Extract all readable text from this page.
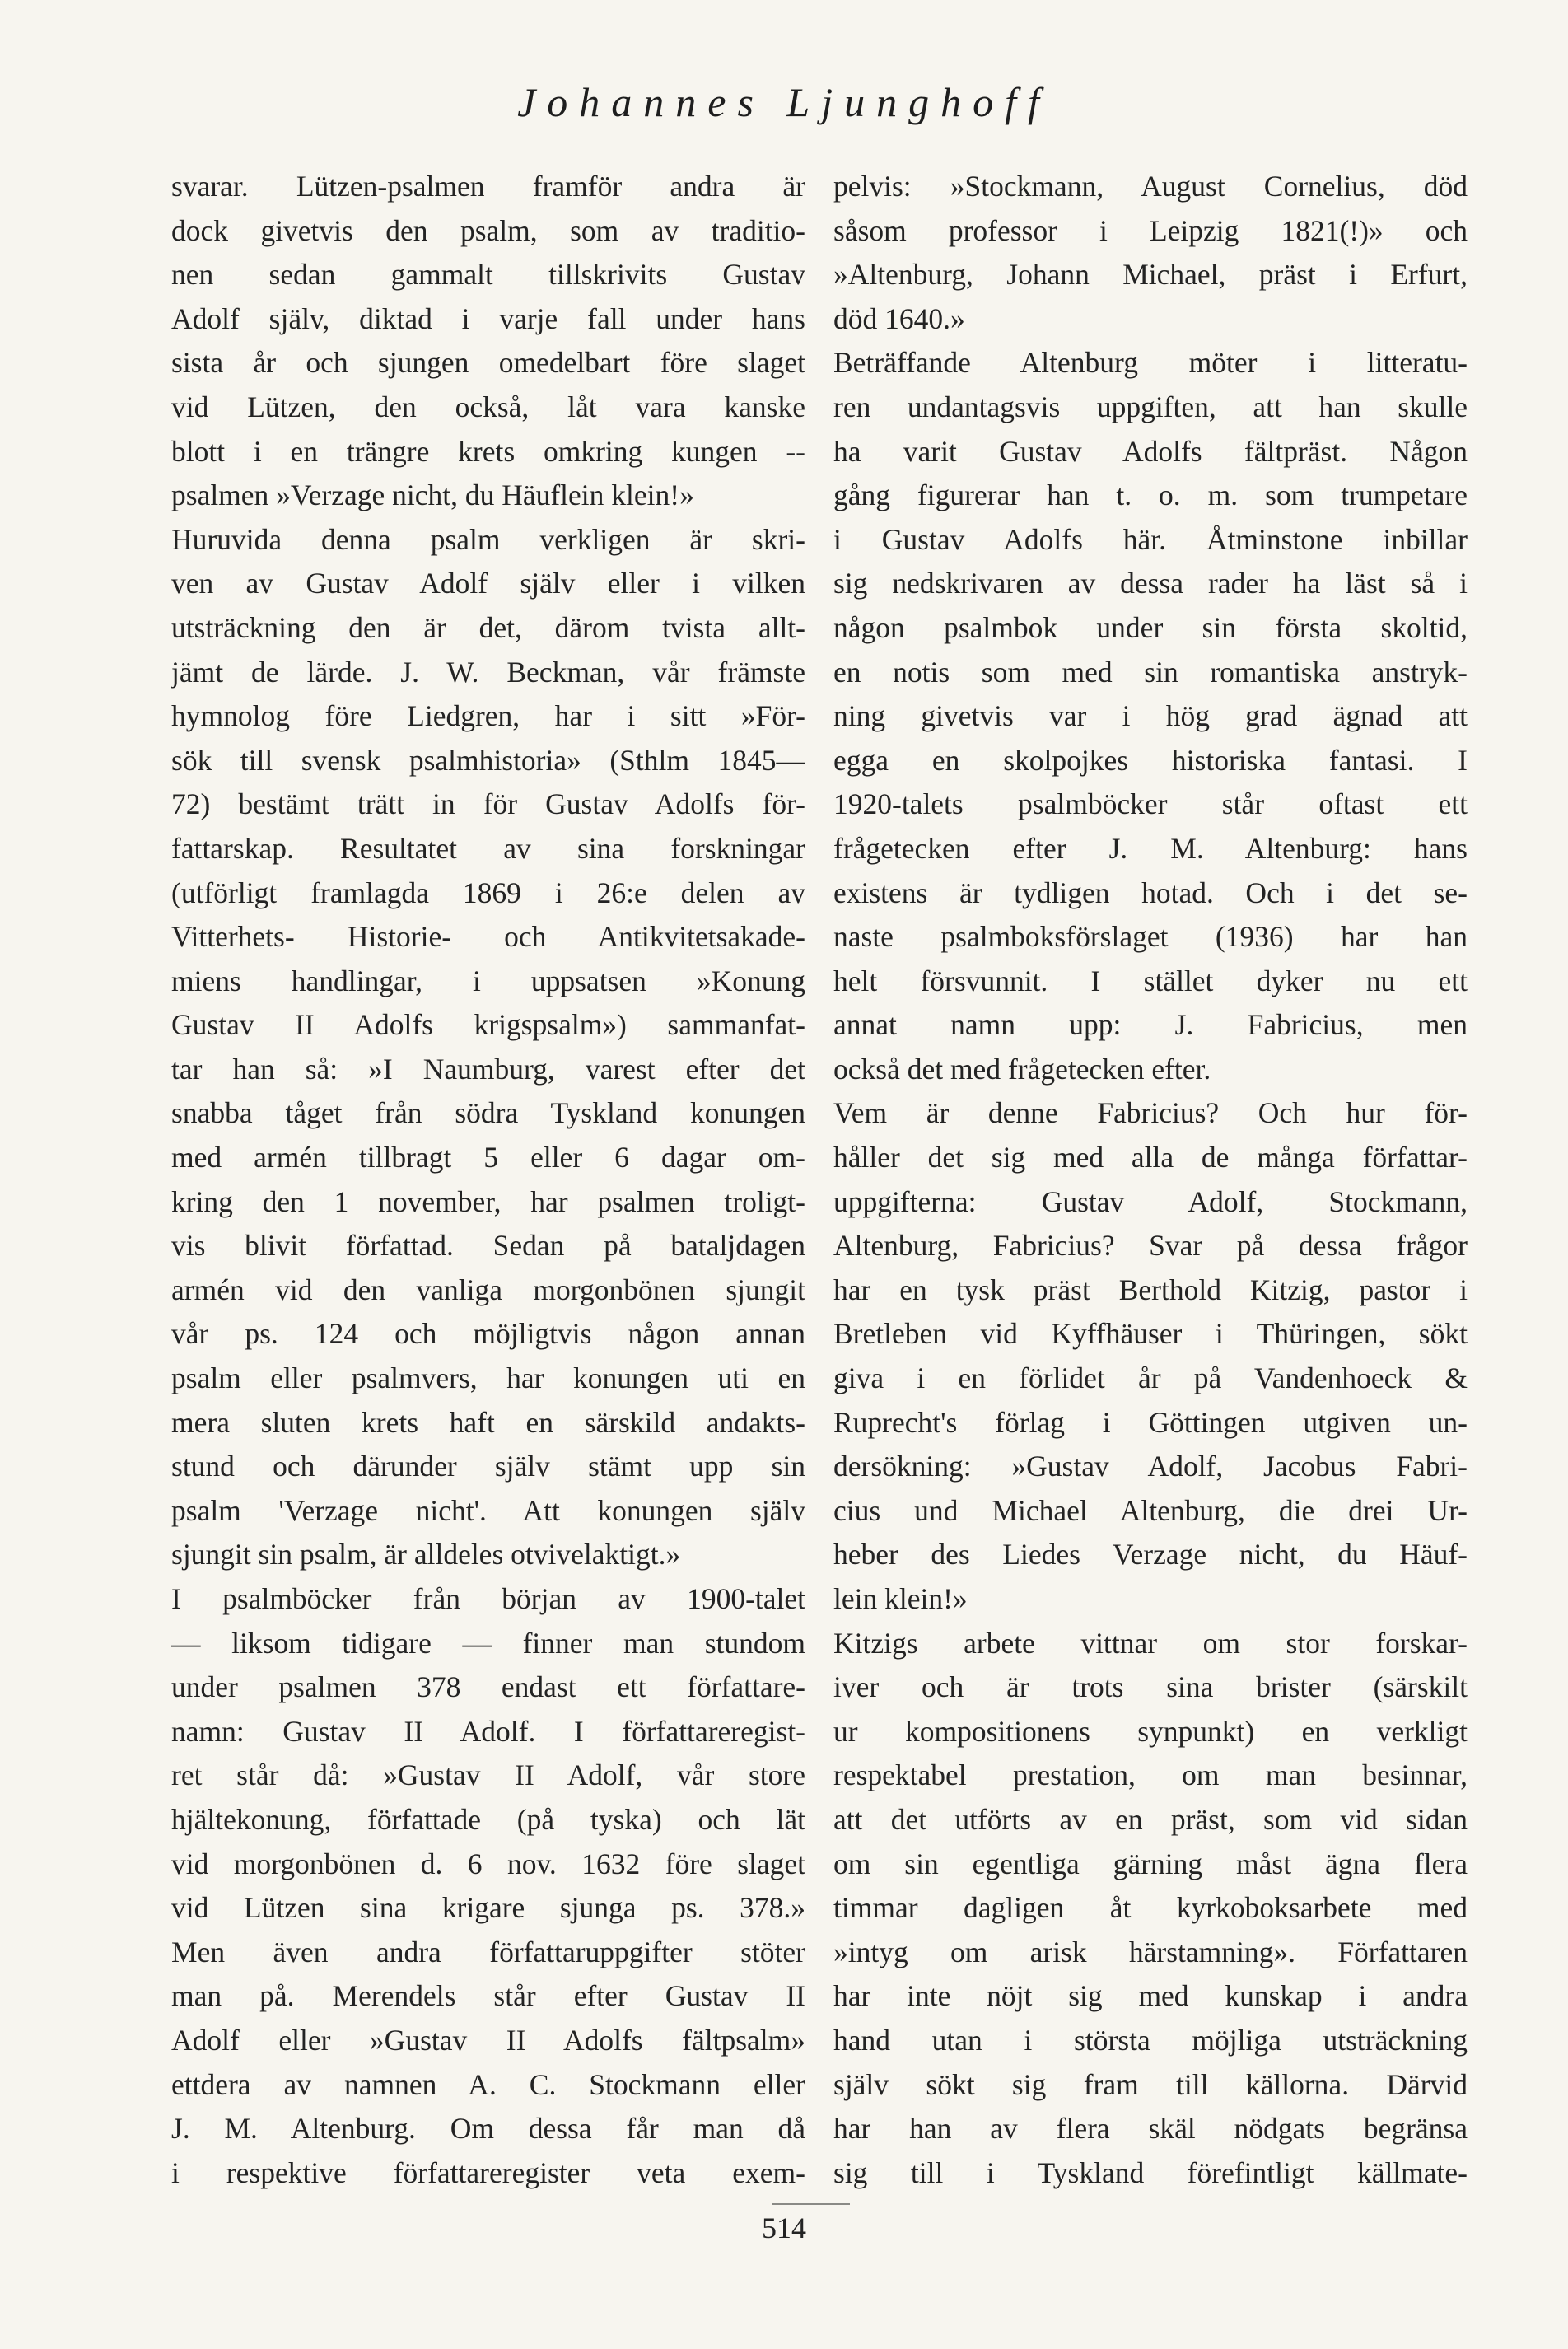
Johannes Ljunghoff
svarar. Lützen-psalmen framför andra är
dock givetvis den psalm, som av traditio-
nen sedan gammalt tillskrivits Gustav
Adolf själv, diktad i varje fall under hans
sista år och sjungen omedelbart före slaget
vid Lützen, den också, låt vara kanske
blott i en trängre krets omkring kungen --
psalmen »Verzage nicht, du Häuflein klein!»
Huruvida denna psalm verkligen är skri-
ven av Gustav Adolf själv eller i vilken
utsträckning den är det, därom tvista allt-
jämt de lärde. J. W. Beckman, vår främste
hymnolog före Liedgren, har i sitt »För-
sök till svensk psalmhistoria» (Sthlm 1845—
72) bestämt trätt in för Gustav Adolfs för-
fattarskap. Resultatet av sina forskningar
(utförligt framlagda 1869 i 26:e delen av
Vitterhets- Historie- och Antikvitetsakade-
miens handlingar, i uppsatsen »Konung
Gustav II Adolfs krigspsalm») sammanfat-
tar han så: »I Naumburg, varest efter det
snabba tåget från södra Tyskland konungen
med armén tillbragt 5 eller 6 dagar om-
kring den 1 november, har psalmen troligt-
vis blivit författad. Sedan på bataljdagen
armén vid den vanliga morgonbönen sjungit
vår ps. 124 och möjligtvis någon annan
psalm eller psalmvers, har konungen uti en
mera sluten krets haft en särskild andakts-
stund och därunder själv stämt upp sin
psalm 'Verzage nicht'. Att konungen själv
sjungit sin psalm, är alldeles otvivelaktigt.»
I psalmböcker från början av 1900-talet
— liksom tidigare — finner man stundom
under psalmen 378 endast ett författare-
namn: Gustav II Adolf. I författareregist-
ret står då: »Gustav II Adolf, vår store
hjältekonung, författade (på tyska) och lät
vid morgonbönen d. 6 nov. 1632 före slaget
vid Lützen sina krigare sjunga ps. 378.»
Men även andra författaruppgifter stöter
man på. Merendels står efter Gustav II
Adolf eller »Gustav II Adolfs fältpsalm»
ettdera av namnen A. C. Stockmann eller
J. M. Altenburg. Om dessa får man då
i respektive författareregister veta exem-
pelvis: »Stockmann, August Cornelius, död
såsom professor i Leipzig 1821(!)» och
»Altenburg, Johann Michael, präst i Erfurt,
död 1640.»
Beträffande Altenburg möter i litteratu-
ren undantagsvis uppgiften, att han skulle
ha varit Gustav Adolfs fältpräst. Någon
gång figurerar han t. o. m. som trumpetare
i Gustav Adolfs här. Åtminstone inbillar
sig nedskrivaren av dessa rader ha läst så i
någon psalmbok under sin första skoltid,
en notis som med sin romantiska anstryk-
ning givetvis var i hög grad ägnad att
egga en skolpojkes historiska fantasi. I
1920-talets psalmböcker står oftast ett
frågetecken efter J. M. Altenburg: hans
existens är tydligen hotad. Och i det se-
naste psalmboksförslaget (1936) har han
helt försvunnit. I stället dyker nu ett
annat namn upp: J. Fabricius, men
också det med frågetecken efter.
Vem är denne Fabricius? Och hur för-
håller det sig med alla de många författar-
uppgifterna: Gustav Adolf, Stockmann,
Altenburg, Fabricius? Svar på dessa frågor
har en tysk präst Berthold Kitzig, pastor i
Bretleben vid Kyffhäuser i Thüringen, sökt
giva i en förlidet år på Vandenhoeck &
Ruprecht's förlag i Göttingen utgiven un-
dersökning: »Gustav Adolf, Jacobus Fabri-
cius und Michael Altenburg, die drei Ur-
heber des Liedes Verzage nicht, du Häuf-
lein klein!»
Kitzigs arbete vittnar om stor forskar-
iver och är trots sina brister (särskilt
ur kompositionens synpunkt) en verkligt
respektabel prestation, om man besinnar,
att det utförts av en präst, som vid sidan
om sin egentliga gärning måst ägna flera
timmar dagligen åt kyrkoboksarbete med
»intyg om arisk härstamning». Författaren
har inte nöjt sig med kunskap i andra
hand utan i största möjliga utsträckning
själv sökt sig fram till källorna. Därvid
har han av flera skäl nödgats begränsa
sig till i Tyskland förefintligt källmate-
514
